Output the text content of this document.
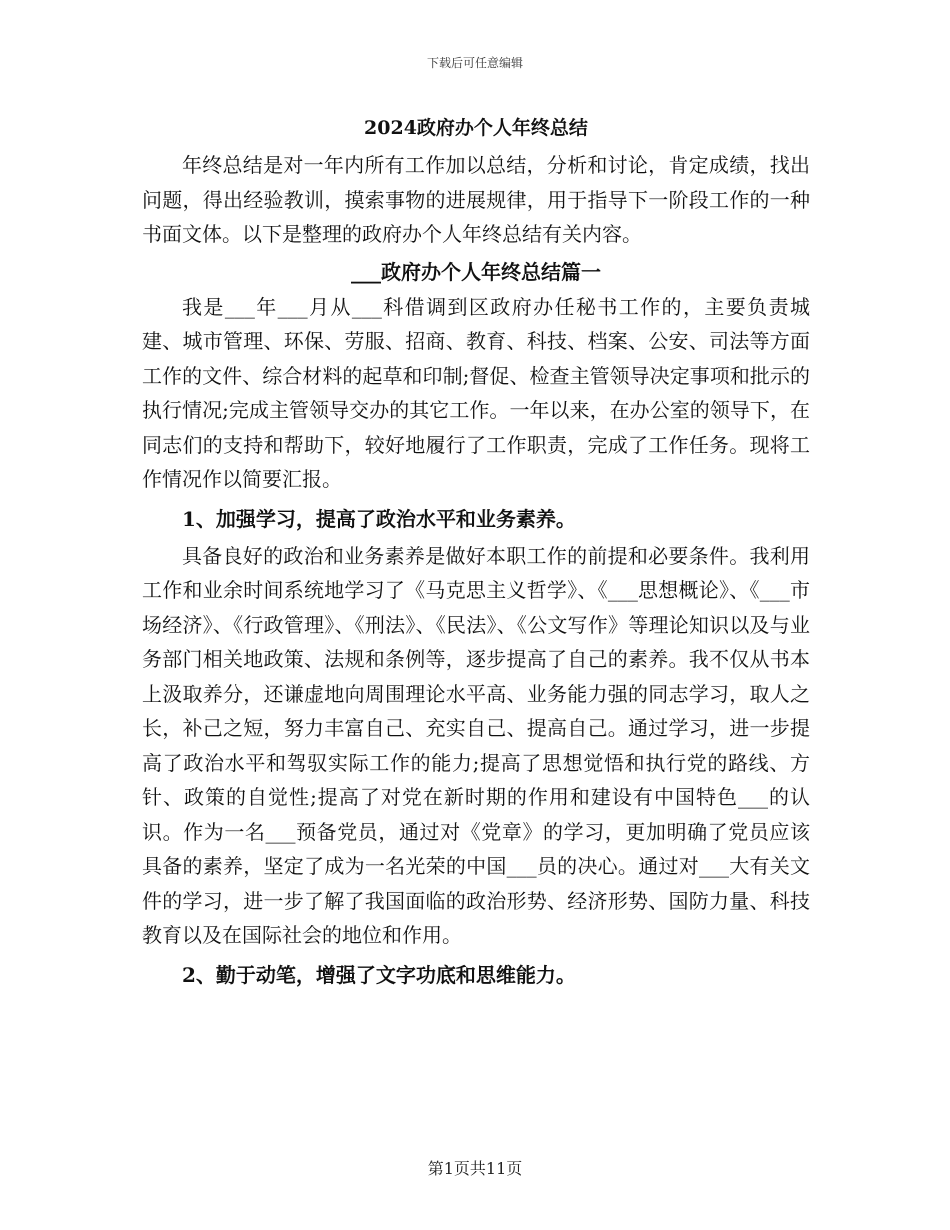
下载后可任意编辑
2024政府办个人年终总结

年终总结是对一年内所有工作加以总结，分析和讨论，肯定成绩，找出问题，得出经验教训，摸索事物的进展规律，用于指导下一阶段工作的一种书面文体。以下是整理的政府办个人年终总结有关内容。

___政府办个人年终总结篇一

我是___年___月从___科借调到区政府办任秘书工作的，主要负责城建、城市管理、环保、劳服、招商、教育、科技、档案、公安、司法等方面工作的文件、综合材料的起草和印制;督促、检查主管领导决定事项和批示的执行情况;完成主管领导交办的其它工作。一年以来，在办公室的领导下，在同志们的支持和帮助下，较好地履行了工作职责，完成了工作任务。现将工作情况作以简要汇报。

1、加强学习，提高了政治水平和业务素养。

具备良好的政治和业务素养是做好本职工作的前提和必要条件。我利用工作和业余时间系统地学习了《马克思主义哲学》、《___思想概论》、《___市场经济》、《行政管理》、《刑法》、《民法》、《公文写作》等理论知识以及与业务部门相关地政策、法规和条例等，逐步提高了自己的素养。我不仅从书本上汲取养分，还谦虚地向周围理论水平高、业务能力强的同志学习，取人之长，补己之短，努力丰富自己、充实自己、提高自己。通过学习，进一步提高了政治水平和驾驭实际工作的能力;提高了思想觉悟和执行党的路线、方针、政策的自觉性;提高了对党在新时期的作用和建设有中国特色___的认识。作为一名___预备党员，通过对《党章》的学习，更加明确了党员应该具备的素养，坚定了成为一名光荣的中国___员的决心。通过对___大有关文件的学习，进一步了解了我国面临的政治形势、经济形势、国防力量、科技教育以及在国际社会的地位和作用。

2、勤于动笔，增强了文字功底和思维能力。
第1页共11页
